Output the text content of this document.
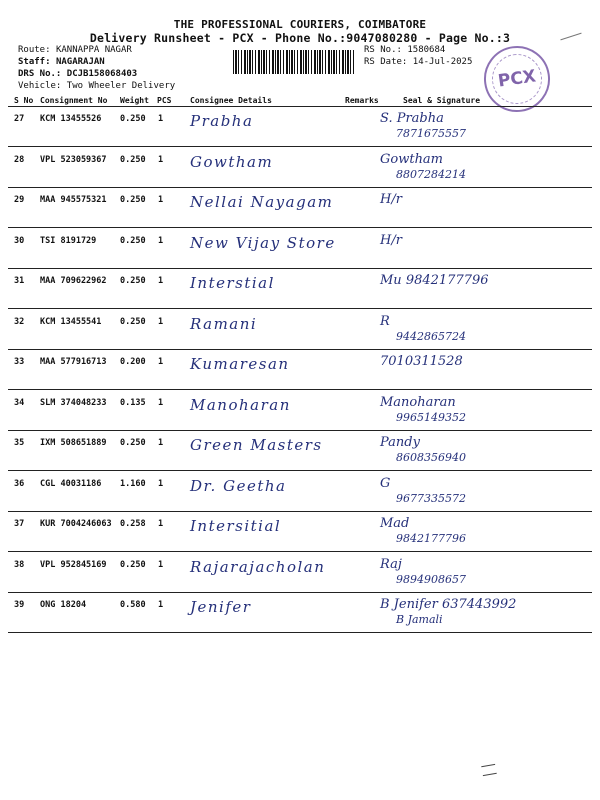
THE PROFESSIONAL COURIERS, COIMBATORE
Delivery Runsheet - PCX - Phone No.:9047080280 - Page No.:3
Route: KANNAPPA NAGAR
Staff: NAGARAJAN
DRS No.: DCJB158068403
Vehicle: Two Wheeler Delivery
RS No.: 1580684
RS Date: 14-Jul-2025
PCX
S No Consignment No Weight PCS Consignee Details	Remarks	Seal & Signature
27 KCM 13455526 0.250 1 Prabha	S. Prabha
7871675557
28 VPL 523059367 0.250 1 Gowtham	Gowtham
8807284214
29 MAA 945575321 0.250 1 Nellai Nayagam	H/r
30 TSI 8191729	0.250 1 New Vijay Store	H/r
31 MAA 709622962 0.250 1 Interstial	Mu 9842177796
32 KCM 13455541 0.250 1 Ramani	R
9442865724
33 MAA 577916713 0.200 1 Kumaresan	7010311528
34 SLM 374048233 0.135 1 Manoharan	Manoharan
9965149352
35 IXM 508651889 0.250 1 Green Masters	Pandy
8608356940
36 CGL 40031186 1.160 1 Dr. Geetha	G
9677335572
37 KUR 7004246063 0.258 1 Intersitial	Mad
9842177796
38 VPL 952845169 0.250 1 Rajarajacholan	Raj
9894908657
39 ONG 18204	0.580 1 Jenifer	B Jenifer 637443992
B Jamali
